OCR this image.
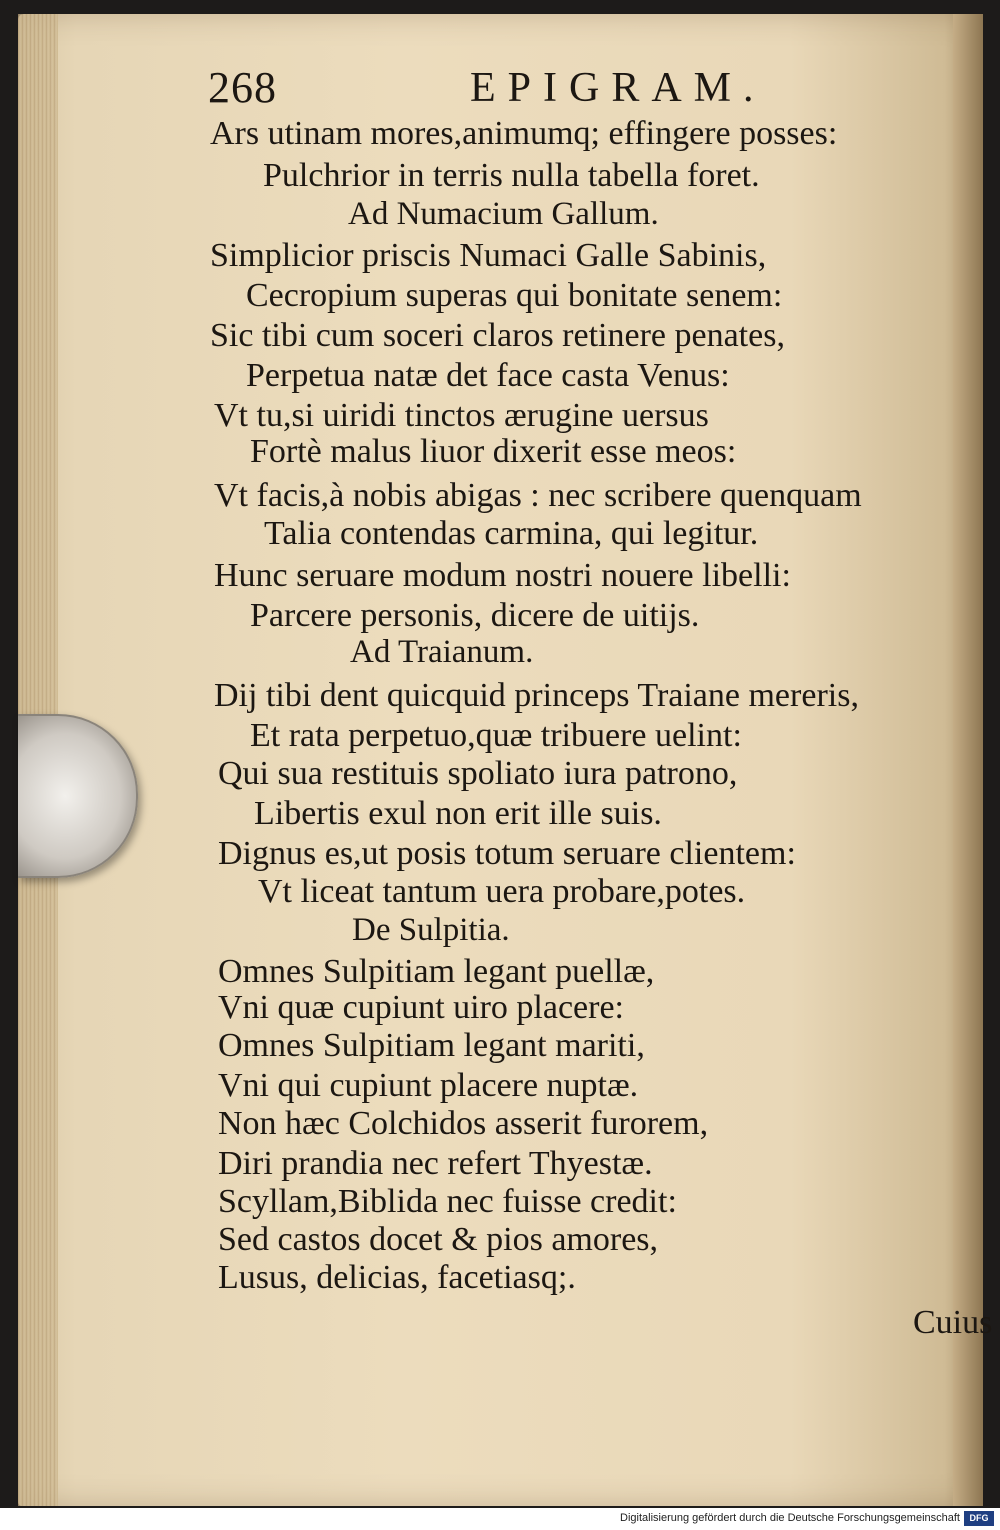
268	EPIGRAM.
Ars utinam mores,animumq; effingere posses:
Pulchrior in terris nulla tabella foret.
Ad Numacium Gallum.
Simplicior priscis Numaci Galle Sabinis,
Cecropium superas qui bonitate senem:
Sic tibi cum soceri claros retinere penates,
Perpetua natæ det face casta Venus:
Vt tu,si uiridi tinctos ærugine uersus
Fortè malus liuor dixerit esse meos:
Vt facis,à nobis abigas : nec scribere quenquam
Talia contendas carmina, qui legitur.
Hunc seruare modum nostri nouere libelli:
Parcere personis, dicere de uitijs.
Ad Traianum.
Dij tibi dent quicquid princeps Traiane mereris,
Et rata perpetuo,quæ tribuere uelint:
Qui sua restituis spoliato iura patrono,
Libertis exul non erit ille suis.
Dignus es,ut posis totum seruare clientem:
Vt liceat tantum uera probare,potes.
De Sulpitia.
Omnes Sulpitiam legant puellæ,
Vni quæ cupiunt uiro placere:
Omnes Sulpitiam legant mariti,
Vni qui cupiunt placere nuptæ.
Non hæc Colchidos asserit furorem,
Diri prandia nec refert Thyestæ.
Scyllam,Biblida nec fuisse credit:
Sed castos docet & pios amores,
Lusus, delicias, facetiasq;.
Cuius
Digitalisierung gefördert durch die Deutsche Forschungsgemeinschaft	DFG
